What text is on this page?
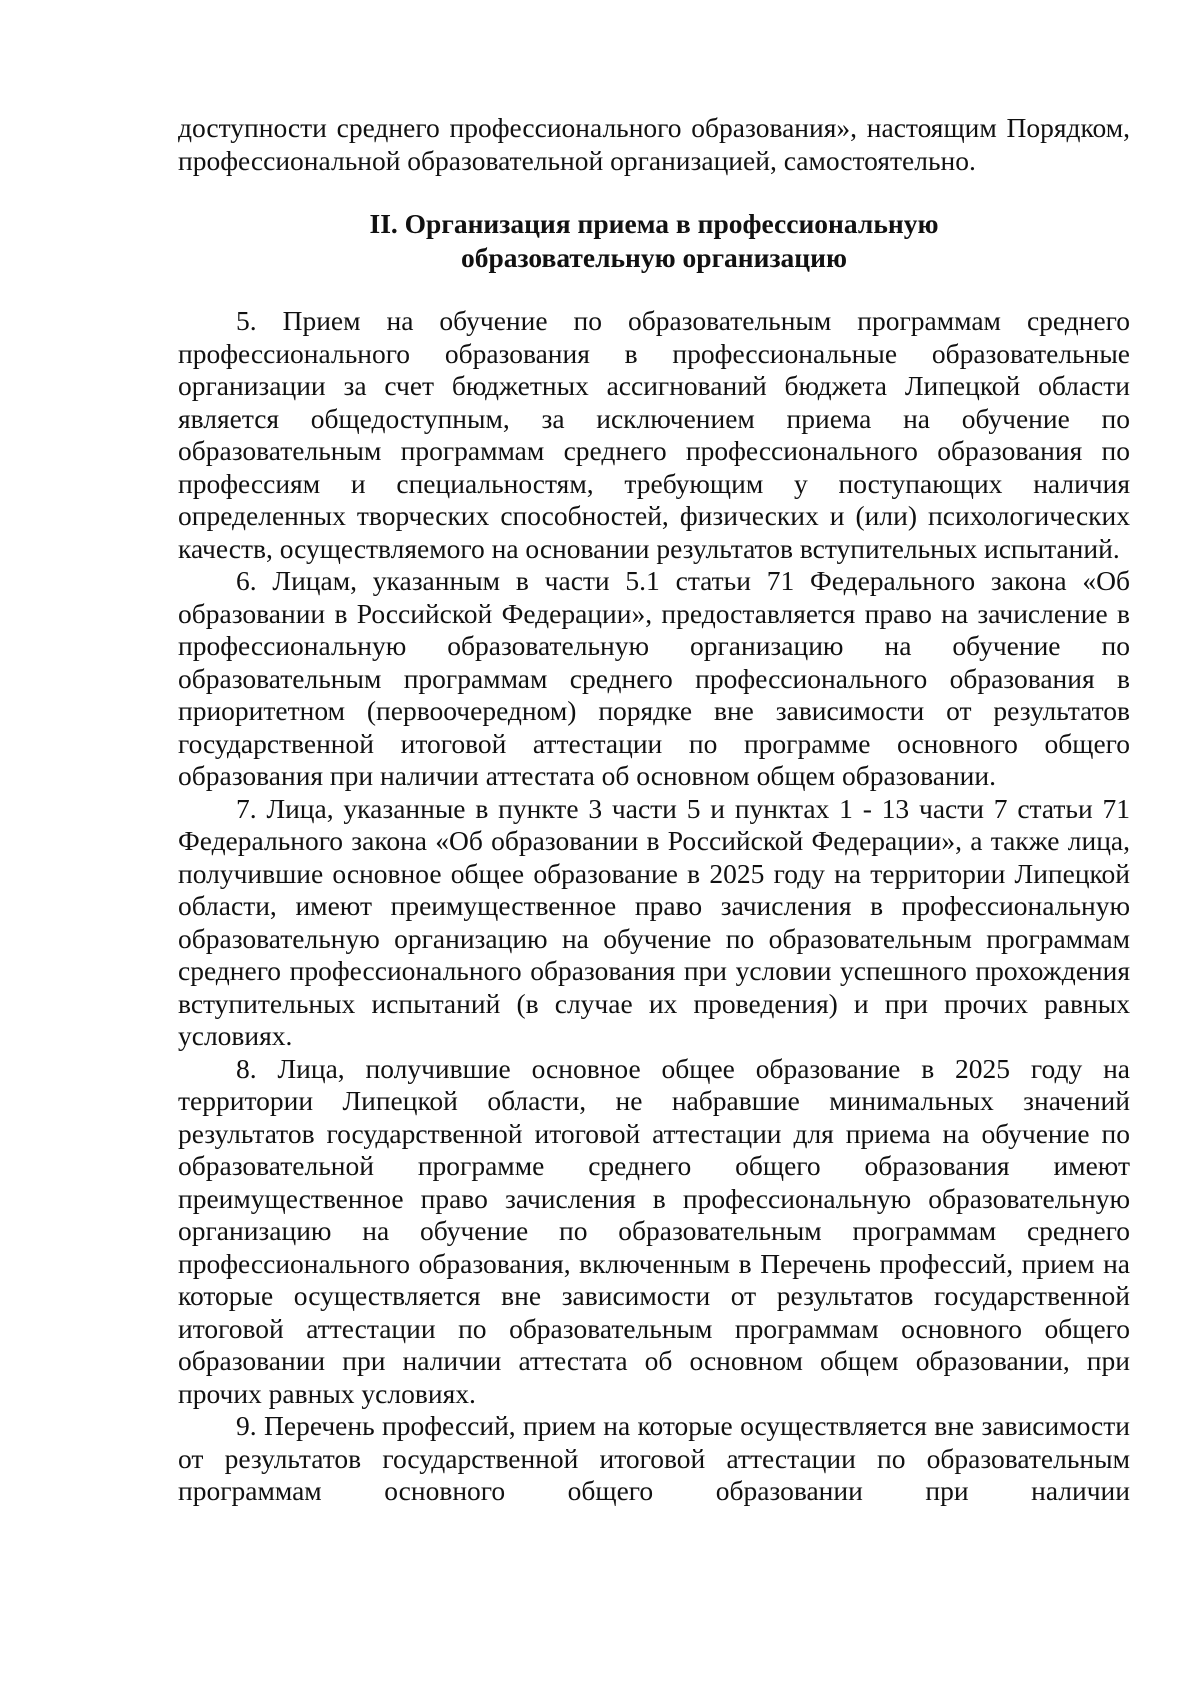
доступности среднего профессионального образования», настоящим Порядком, профессиональной образовательной организацией, самостоятельно.

II. Организация приема в профессиональную
образовательную организацию

5. Прием на обучение по образовательным программам среднего профессионального образования в профессиональные образовательные организации за счет бюджетных ассигнований бюджета Липецкой области является общедоступным, за исключением приема на обучение по образовательным программам среднего профессионального образования по профессиям и специальностям, требующим у поступающих наличия определенных творческих способностей, физических и (или) психологических качеств, осуществляемого на основании результатов вступительных испытаний.

6. Лицам, указанным в части 5.1 статьи 71 Федерального закона «Об образовании в Российской Федерации», предоставляется право на зачисление в профессиональную образовательную организацию на обучение по образовательным программам среднего профессионального образования в приоритетном (первоочередном) порядке вне зависимости от результатов государственной итоговой аттестации по программе основного общего образования при наличии аттестата об основном общем образовании.

7. Лица, указанные в пункте 3 части 5 и пунктах 1 - 13 части 7 статьи 71 Федерального закона «Об образовании в Российской Федерации», а также лица, получившие основное общее образование в 2025 году на территории Липецкой области, имеют преимущественное право зачисления в профессиональную образовательную организацию на обучение по образовательным программам среднего профессионального образования при условии успешного прохождения вступительных испытаний (в случае их проведения) и при прочих равных условиях.

8. Лица, получившие основное общее образование в 2025 году на территории Липецкой области, не набравшие минимальных значений результатов государственной итоговой аттестации для приема на обучение по образовательной программе среднего общего образования имеют преимущественное право зачисления в профессиональную образовательную организацию на обучение по образовательным программам среднего профессионального образования, включенным в Перечень профессий, прием на которые осуществляется вне зависимости от результатов государственной итоговой аттестации по образовательным программам основного общего образовании при наличии аттестата об основном общем образовании, при прочих равных условиях.

9. Перечень профессий, прием на которые осуществляется вне зависимости от результатов государственной итоговой аттестации по образовательным программам основного общего образовании при наличии
